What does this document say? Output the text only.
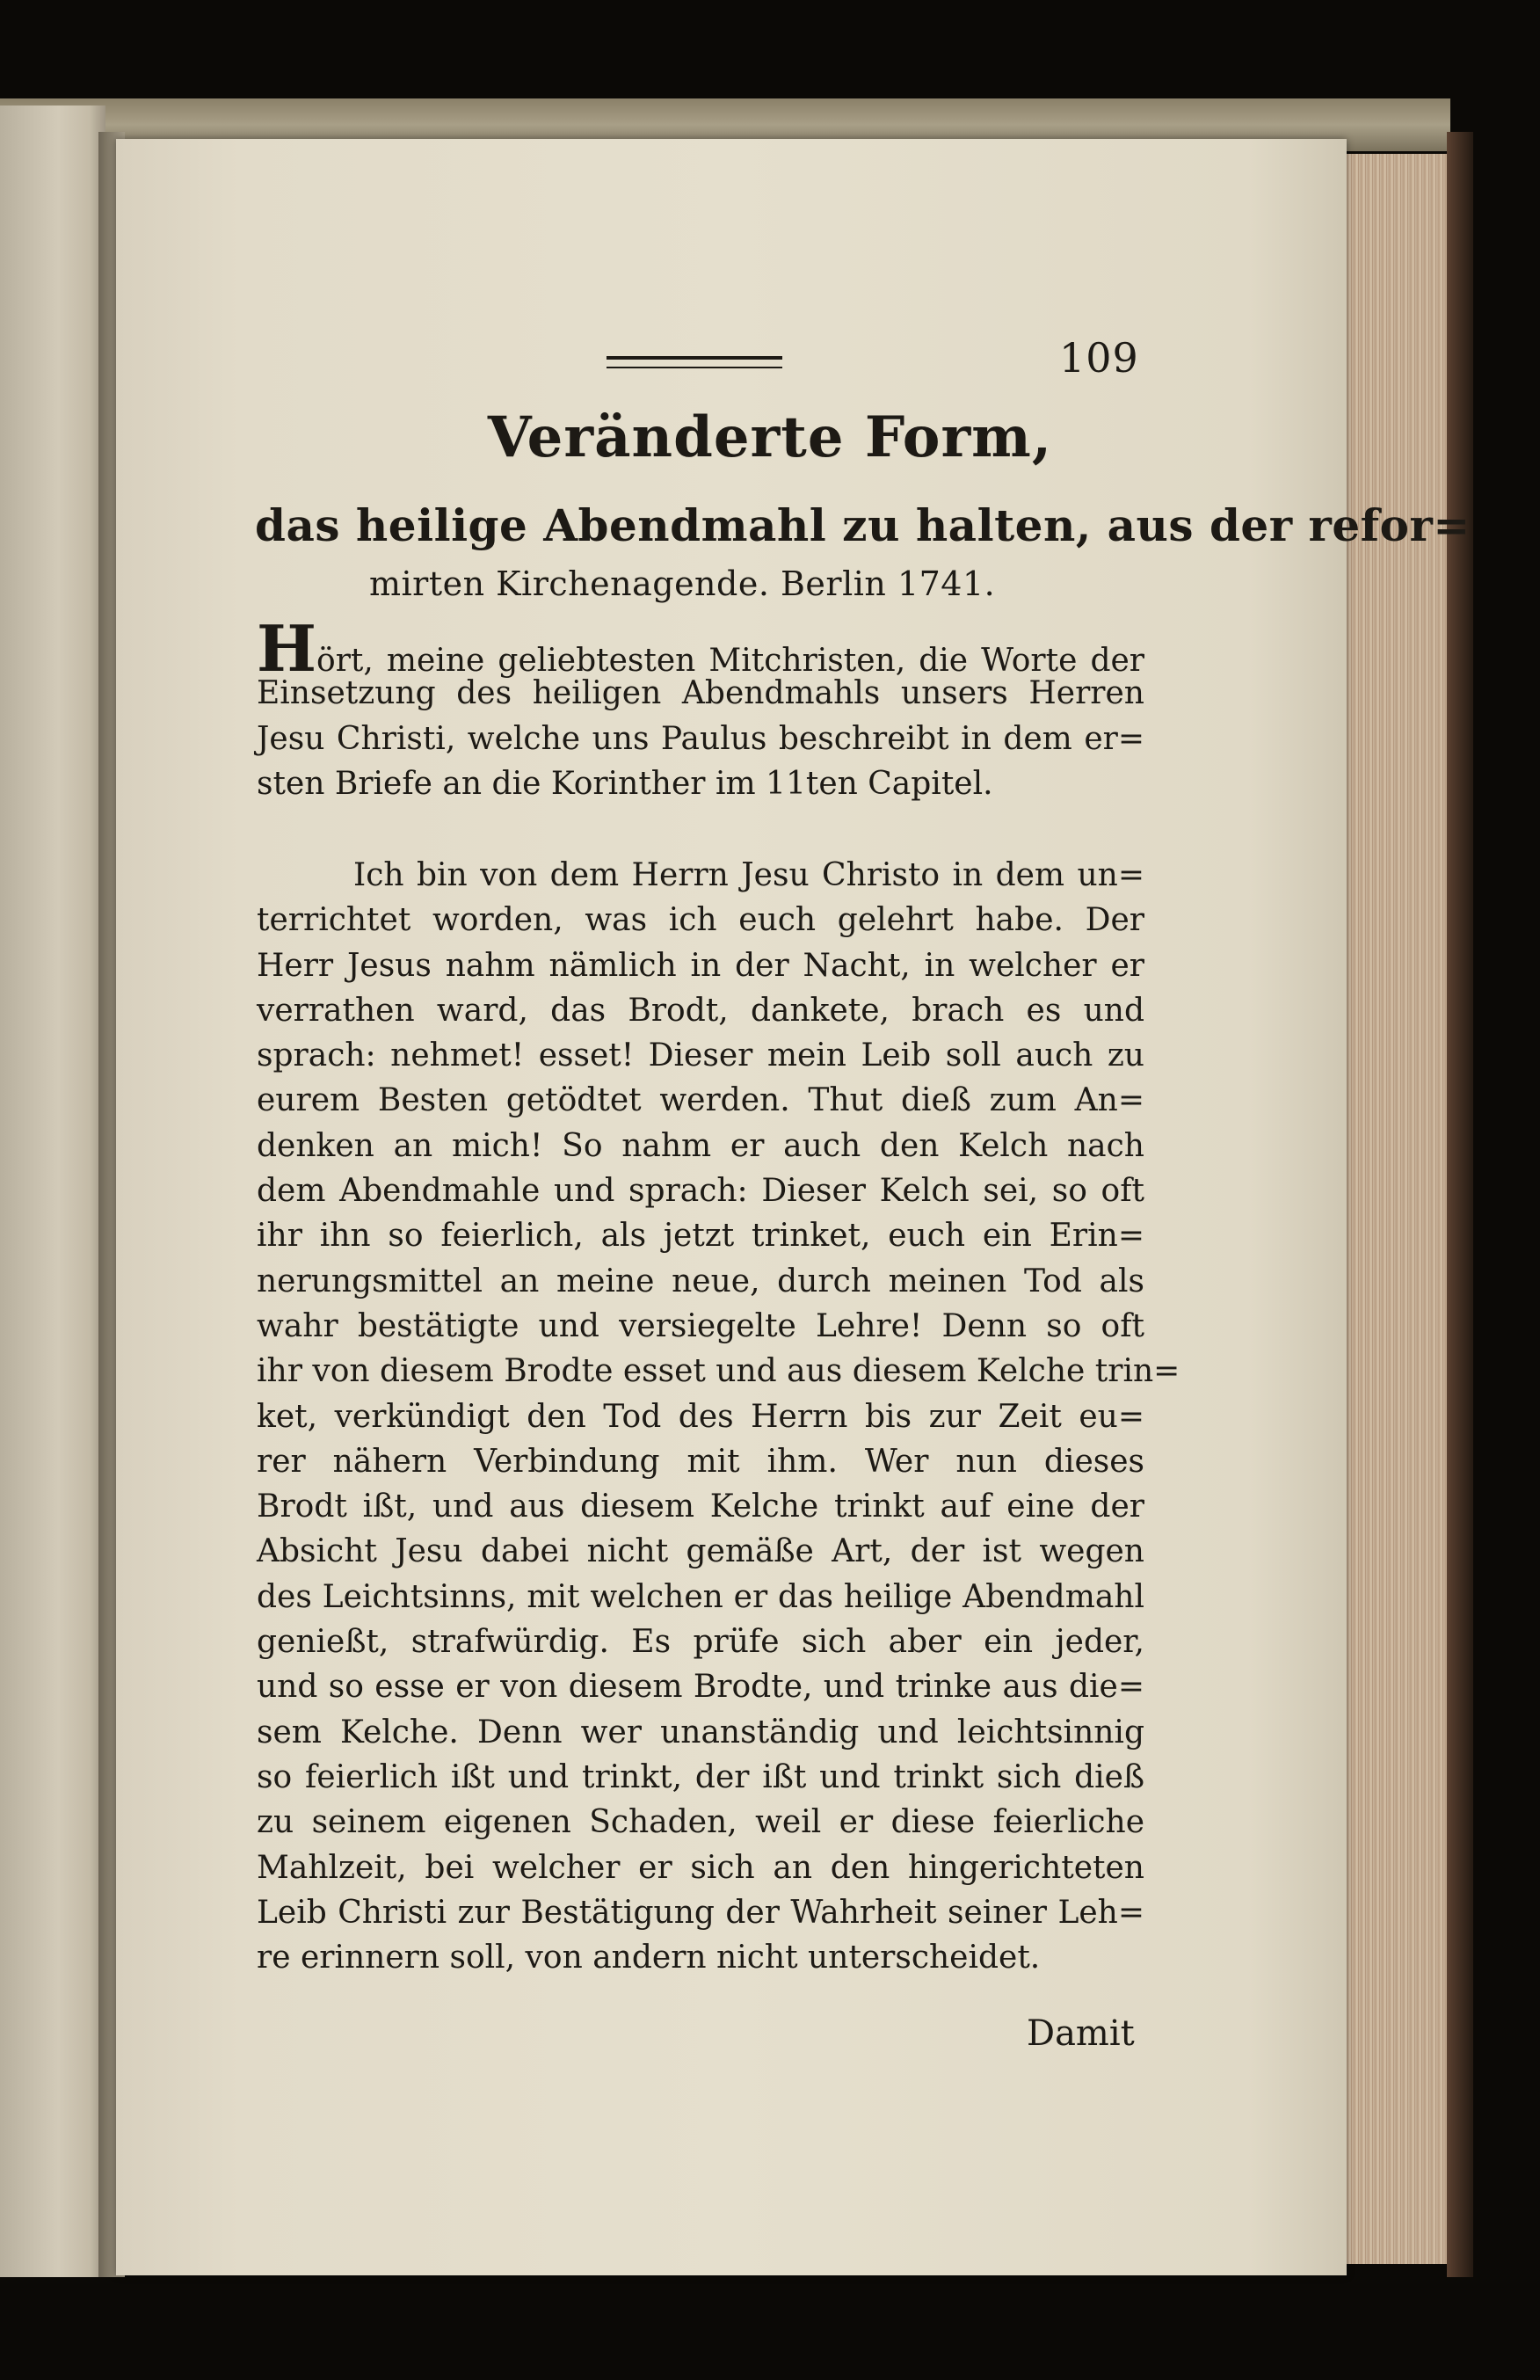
109
Veränderte Form,
das heilige Abendmahl zu halten, aus der refor=
mirten Kirchenagende. Berlin 1741.
Hört, meine geliebtesten Mitchristen, die Worte der
Einsetzung des heiligen Abendmahls unsers Herren
Jesu Christi, welche uns Paulus beschreibt in dem er=
sten Briefe an die Korinther im 11ten Capitel.
Ich bin von dem Herrn Jesu Christo in dem un=
terrichtet worden, was ich euch gelehrt habe. Der
Herr Jesus nahm nämlich in der Nacht, in welcher er
verrathen ward, das Brodt, dankete, brach es und
sprach: nehmet! esset! Dieser mein Leib soll auch zu
eurem Besten getödtet werden. Thut dieß zum An=
denken an mich! So nahm er auch den Kelch nach
dem Abendmahle und sprach: Dieser Kelch sei, so oft
ihr ihn so feierlich, als jetzt trinket, euch ein Erin=
nerungsmittel an meine neue, durch meinen Tod als
wahr bestätigte und versiegelte Lehre! Denn so oft
ihr von diesem Brodte esset und aus diesem Kelche trin=
ket, verkündigt den Tod des Herrn bis zur Zeit eu=
rer nähern Verbindung mit ihm. Wer nun dieses
Brodt ißt, und aus diesem Kelche trinkt auf eine der
Absicht Jesu dabei nicht gemäße Art, der ist wegen
des Leichtsinns, mit welchen er das heilige Abendmahl
genießt, strafwürdig. Es prüfe sich aber ein jeder,
und so esse er von diesem Brodte, und trinke aus die=
sem Kelche. Denn wer unanständig und leichtsinnig
so feierlich ißt und trinkt, der ißt und trinkt sich dieß
zu seinem eigenen Schaden, weil er diese feierliche
Mahlzeit, bei welcher er sich an den hingerichteten
Leib Christi zur Bestätigung der Wahrheit seiner Leh=
re erinnern soll, von andern nicht unterscheidet.
Damit
